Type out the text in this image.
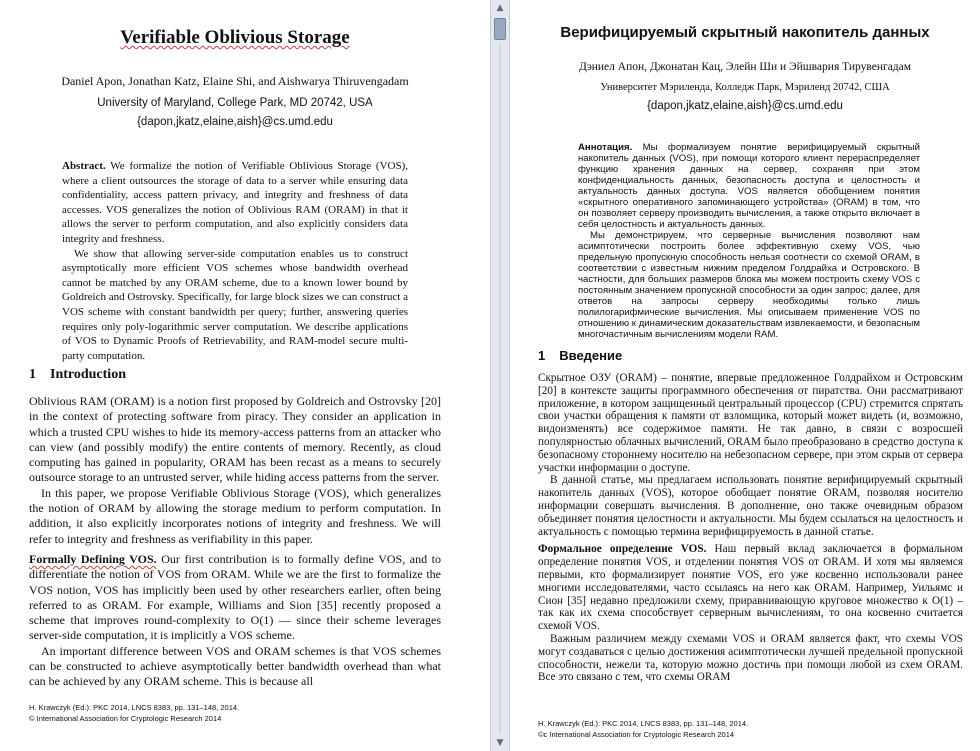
Verifiable Oblivious Storage
Daniel Apon, Jonathan Katz, Elaine Shi, and Aishwarya Thiruvengadam
University of Maryland, College Park, MD 20742, USA
{dapon,jkatz,elaine,aish}@cs.umd.edu

Abstract. We formalize the notion of Verifiable Oblivious Storage (VOS), where a client outsources the storage of data to a server while ensuring data confidentiality, access pattern privacy, and integrity and freshness of data accesses. VOS generalizes the notion of Oblivious RAM (ORAM) in that it allows the server to perform computation, and also explicitly considers data integrity and freshness.

We show that allowing server-side computation enables us to construct asymptotically more efficient VOS schemes whose bandwidth overhead cannot be matched by any ORAM scheme, due to a known lower bound by Goldreich and Ostrovsky. Specifically, for large block sizes we can construct a VOS scheme with constant bandwidth per query; further, answering queries requires only poly-logarithmic server computation. We describe applications of VOS to Dynamic Proofs of Retrievability, and RAM-model secure multi-party computation.

1 Introduction

Oblivious RAM (ORAM) is a notion first proposed by Goldreich and Ostrovsky [20] in the context of protecting software from piracy. They consider an application in which a trusted CPU wishes to hide its memory-access patterns from an attacker who can view (and possibly modify) the entire contents of memory. Recently, as cloud computing has gained in popularity, ORAM has been recast as a means to securely outsource storage to an untrusted server, while hiding access patterns from the server.

In this paper, we propose Verifiable Oblivious Storage (VOS), which generalizes the notion of ORAM by allowing the storage medium to perform computation. In addition, it also explicitly incorporates notions of integrity and freshness. We will refer to integrity and freshness as verifiability in this paper.

Formally Defining VOS. Our first contribution is to formally define VOS, and to differentiate the notion of VOS from ORAM. While we are the first to formalize the VOS notion, VOS has implicitly been used by other researchers earlier, often being referred to as ORAM. For example, Williams and Sion [35] recently proposed a scheme that improves round-complexity to O(1) — since their scheme leverages server-side computation, it is implicitly a VOS scheme.

An important difference between VOS and ORAM schemes is that VOS schemes can be constructed to achieve asymptotically better bandwidth overhead than what can be achieved by any ORAM scheme. This is because all

H. Krawczyk (Ed.): PKC 2014, LNCS 8383, pp. 131–148, 2014.
© International Association for Cryptologic Research 2014
▲
▼
Верифицируемый скрытный накопитель данных
Дэниел Апон, Джонатан Кац, Элейн Ши и Эйшвария Тирувенгадам
Университет Мэриленда, Колледж Парк, Мэриленд 20742, США
{dapon,jkatz,elaine,aish}@cs.umd.edu

Аннотация. Мы формализуем понятие верифицируемый скрытный накопитель данных (VOS), при помощи которого клиент перераспределяет функцию хранения данных на сервер, сохраняя при этом конфиденциальность данных, безопасность доступа и целостность и актуальность данных доступа. VOS является обобщением понятия «скрытного оперативного запоминающего устройства» (ORAM) в том, что он позволяет серверу производить вычисления, а также открыто включает в себя целостность и актуальность данных.

Мы демонстрируем, что серверные вычисления позволяют нам асимптотически построить более эффективную схему VOS, чью предельную пропускную способность нельзя соотнести со схемой ORAM, в соответствии с известным нижним пределом Голдрайха и Островского. В частности, для больших размеров блока мы можем построить схему VOS с постоянным значением пропускной способности за один запрос; далее, для ответов на запросы серверу необходимы только лишь полилогарифмические вычисления. Мы описываем применение VOS по отношению к динамическим доказательствам извлекаемости, и безопасным многочастичным вычислениям модели RAM.

1 Введение

Скрытное ОЗУ (ORAM) – понятие, впервые предложенное Голдрайхом и Островским [20] в контексте защиты программного обеспечения от пиратства. Они рассматривают приложение, в котором защищенный центральный процессор (CPU) стремится спрятать свои участки обращения к памяти от взломщика, который может видеть (и, возможно, видоизменять) все содержимое памяти. Не так давно, в связи с возросшей популярностью облачных вычислений, ORAM было преобразовано в средство доступа к безопасному стороннему носителю на небезопасном сервере, при этом скрыв от сервера участки информации о доступе.

В данной статье, мы предлагаем использовать понятие верифицируемый скрытный накопитель данных (VOS), которое обобщает понятие ORAM, позволяя носителю информации совершать вычисления. В дополнение, оно также очевидным образом объединяет понятия целостности и актуальности. Мы будем ссылаться на целостность и актуальность с помощью термина верифицируемость в данной статье.

Формальное определение VOS. Наш первый вклад заключается в формальном определение понятия VOS, и отделении понятия VOS от ORAM. И хотя мы являемся первыми, кто формализирует понятие VOS, его уже косвенно использовали ранее многими исследователями, часто ссылаясь на него как ORAM. Например, Уильямс и Сион [35] недавно предложили схему, приравнивающую круговое множество к O(1) – так как их схема способствует серверным вычислениям, то она косвенно считается схемой VOS.

Важным различием между схемами VOS и ORAM является факт, что схемы VOS могут создаваться с целью достижения асимптотически лучшей предельной пропускной способности, нежели та, которую можно достичь при помощи любой из схем ORAM. Все это связано с тем, что схемы ORAM

H. Krawczyk (Ed.): PKC 2014, LNCS 8383, pp. 131–148, 2014.
©c International Association for Cryptologic Research 2014
